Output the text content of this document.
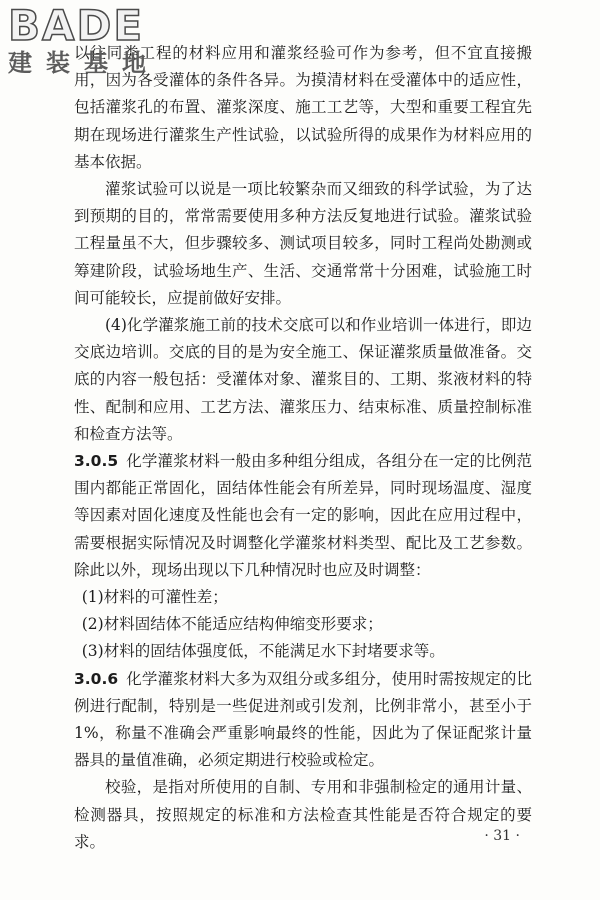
BADE
建装基地

以往同类工程的材料应用和灌浆经验可作为参考，但不宜直接搬用，因为各受灌体的条件各异。为摸清材料在受灌体中的适应性，包括灌浆孔的布置、灌浆深度、施工工艺等，大型和重要工程宜先期在现场进行灌浆生产性试验，以试验所得的成果作为材料应用的基本依据。

灌浆试验可以说是一项比较繁杂而又细致的科学试验，为了达到预期的目的，常常需要使用多种方法反复地进行试验。灌浆试验工程量虽不大，但步骤较多、测试项目较多，同时工程尚处勘测或筹建阶段，试验场地生产、生活、交通常常十分困难，试验施工时间可能较长，应提前做好安排。

(4)化学灌浆施工前的技术交底可以和作业培训一体进行，即边交底边培训。交底的目的是为安全施工、保证灌浆质量做准备。交底的内容一般包括：受灌体对象、灌浆目的、工期、浆液材料的特性、配制和应用、工艺方法、灌浆压力、结束标准、质量控制标准和检查方法等。

3.0.5 化学灌浆材料一般由多种组分组成，各组分在一定的比例范围内都能正常固化，固结体性能会有所差异，同时现场温度、湿度等因素对固化速度及性能也会有一定的影响，因此在应用过程中，需要根据实际情况及时调整化学灌浆材料类型、配比及工艺参数。除此以外，现场出现以下几种情况时也应及时调整：

(1)材料的可灌性差；

(2)材料固结体不能适应结构伸缩变形要求；

(3)材料的固结体强度低，不能满足水下封堵要求等。

3.0.6 化学灌浆材料大多为双组分或多组分，使用时需按规定的比例进行配制，特别是一些促进剂或引发剂，比例非常小，甚至小于1%，称量不准确会严重影响最终的性能，因此为了保证配浆计量器具的量值准确，必须定期进行校验或检定。

校验，是指对所使用的自制、专用和非强制检定的通用计量、检测器具，按照规定的标准和方法检查其性能是否符合规定的要求。	· 31 ·
